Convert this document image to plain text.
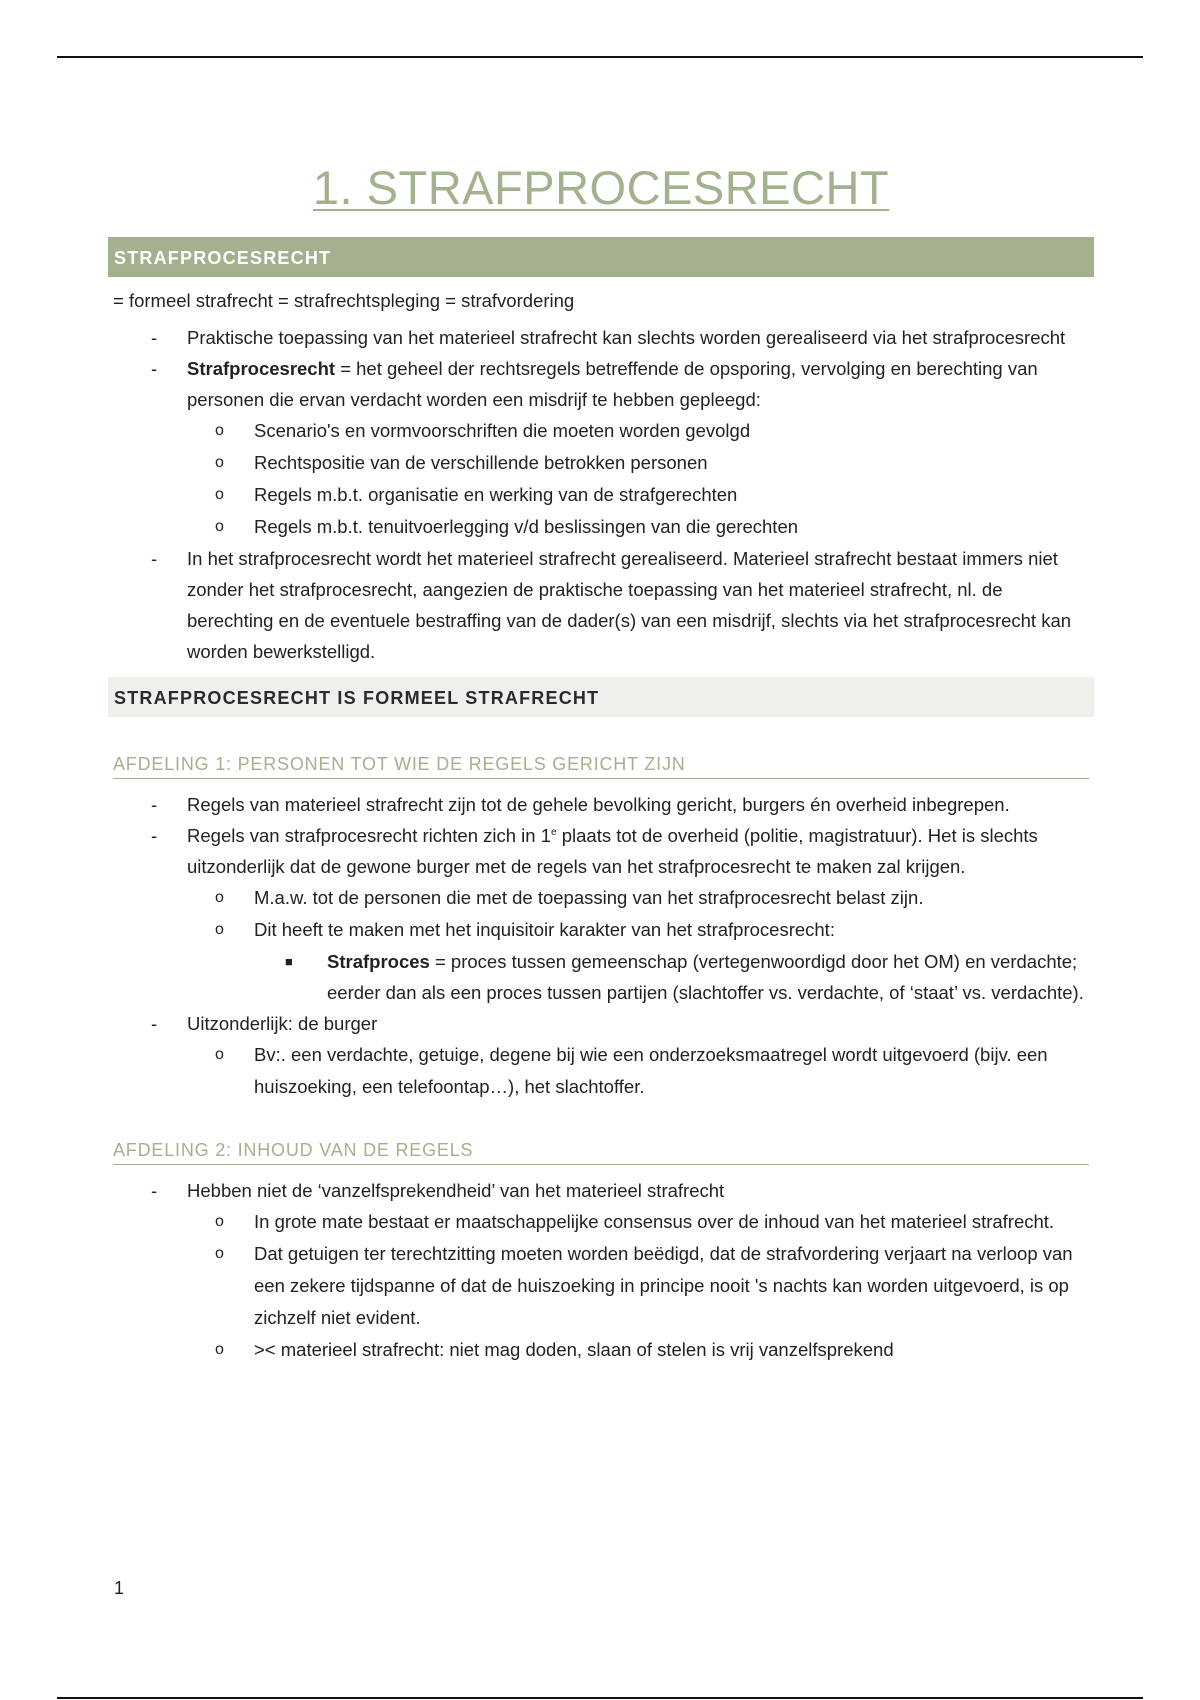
1. STRAFPROCESRECHT
STRAFPROCESRECHT
= formeel strafrecht = strafrechtspleging = strafvordering
- Praktische toepassing van het materieel strafrecht kan slechts worden gerealiseerd via het strafprocesrecht
- Strafprocesrecht = het geheel der rechtsregels betreffende de opsporing, vervolging en berechting van personen die ervan verdacht worden een misdrijf te hebben gepleegd:
o Scenario's en vormvoorschriften die moeten worden gevolgd
o Rechtspositie van de verschillende betrokken personen
o Regels m.b.t. organisatie en werking van de strafgerechten
o Regels m.b.t. tenuitvoerlegging v/d beslissingen van die gerechten
- In het strafprocesrecht wordt het materieel strafrecht gerealiseerd. Materieel strafrecht bestaat immers niet zonder het strafprocesrecht, aangezien de praktische toepassing van het materieel strafrecht, nl. de berechting en de eventuele bestraffing van de dader(s) van een misdrijf, slechts via het strafprocesrecht kan worden bewerkstelligd.
STRAFPROCESRECHT IS FORMEEL STRAFRECHT
AFDELING 1: PERSONEN TOT WIE DE REGELS GERICHT ZIJN
- Regels van materieel strafrecht zijn tot de gehele bevolking gericht, burgers én overheid inbegrepen.
- Regels van strafprocesrecht richten zich in 1e plaats tot de overheid (politie, magistratuur). Het is slechts uitzonderlijk dat de gewone burger met de regels van het strafprocesrecht te maken zal krijgen.
o M.a.w. tot de personen die met de toepassing van het strafprocesrecht belast zijn.
o Dit heeft te maken met het inquisitoir karakter van het strafprocesrecht:
■ Strafproces = proces tussen gemeenschap (vertegenwoordigd door het OM) en verdachte; eerder dan als een proces tussen partijen (slachtoffer vs. verdachte, of ‘staat’ vs. verdachte).
- Uitzonderlijk: de burger
o Bv:. een verdachte, getuige, degene bij wie een onderzoeksmaatregel wordt uitgevoerd (bijv. een huiszoeking, een telefoontap…), het slachtoffer.
AFDELING 2: INHOUD VAN DE REGELS
- Hebben niet de ‘vanzelfsprekendheid’ van het materieel strafrecht
o In grote mate bestaat er maatschappelijke consensus over de inhoud van het materieel strafrecht.
o Dat getuigen ter terechtzitting moeten worden beëdigd, dat de strafvordering verjaart na verloop van een zekere tijdspanne of dat de huiszoeking in principe nooit 's nachts kan worden uitgevoerd, is op zichzelf niet evident.
o >< materieel strafrecht: niet mag doden, slaan of stelen is vrij vanzelfsprekend
1
